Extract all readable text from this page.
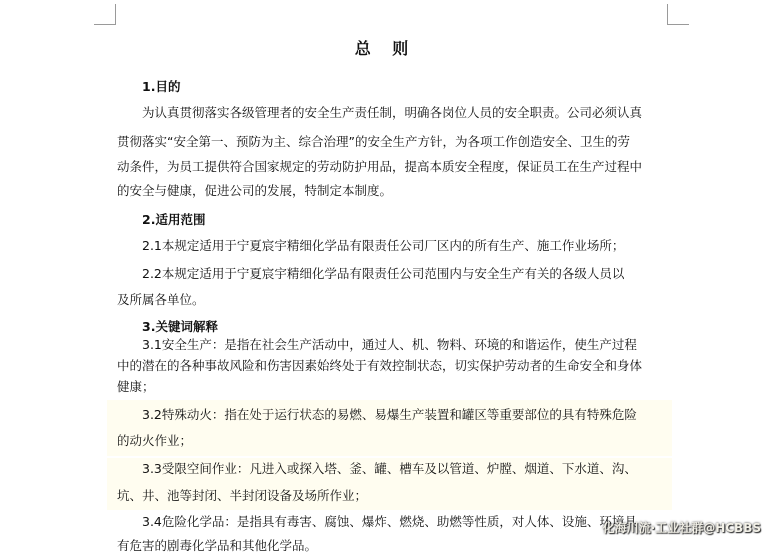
总 则
1.目的
为认真贯彻落实各级管理者的安全生产责任制，明确各岗位人员的安全职责。公司必须认真
贯彻落实“安全第一、预防为主、综合治理”的安全生产方针，为各项工作创造安全、卫生的劳
动条件，为员工提供符合国家规定的劳动防护用品，提高本质安全程度，保证员工在生产过程中
的安全与健康，促进公司的发展，特制定本制度。
2.适用范围
2.1本规定适用于宁夏宸宇精细化学品有限责任公司厂区内的所有生产、施工作业场所；
2.2本规定适用于宁夏宸宇精细化学品有限责任公司范围内与安全生产有关的各级人员以
及所属各单位。
3.关键词解释
3.1安全生产：是指在社会生产活动中，通过人、机、物料、环境的和谐运作，使生产过程
中的潜在的各种事故风险和伤害因素始终处于有效控制状态，切实保护劳动者的生命安全和身体
健康；
3.2特殊动火：指在处于运行状态的易燃、易爆生产装置和罐区等重要部位的具有特殊危险
的动火作业；
3.3受限空间作业：凡进入或探入塔、釜、罐、槽车及以管道、炉膛、烟道、下水道、沟、
坑、井、池等封闭、半封闭设备及场所作业；
3.4危险化学品：是指具有毒害、腐蚀、爆炸、燃烧、助燃等性质，对人体、设施、环境具
有危害的剧毒化学品和其他化学品。
化海川流·工业社群@HCBBS
